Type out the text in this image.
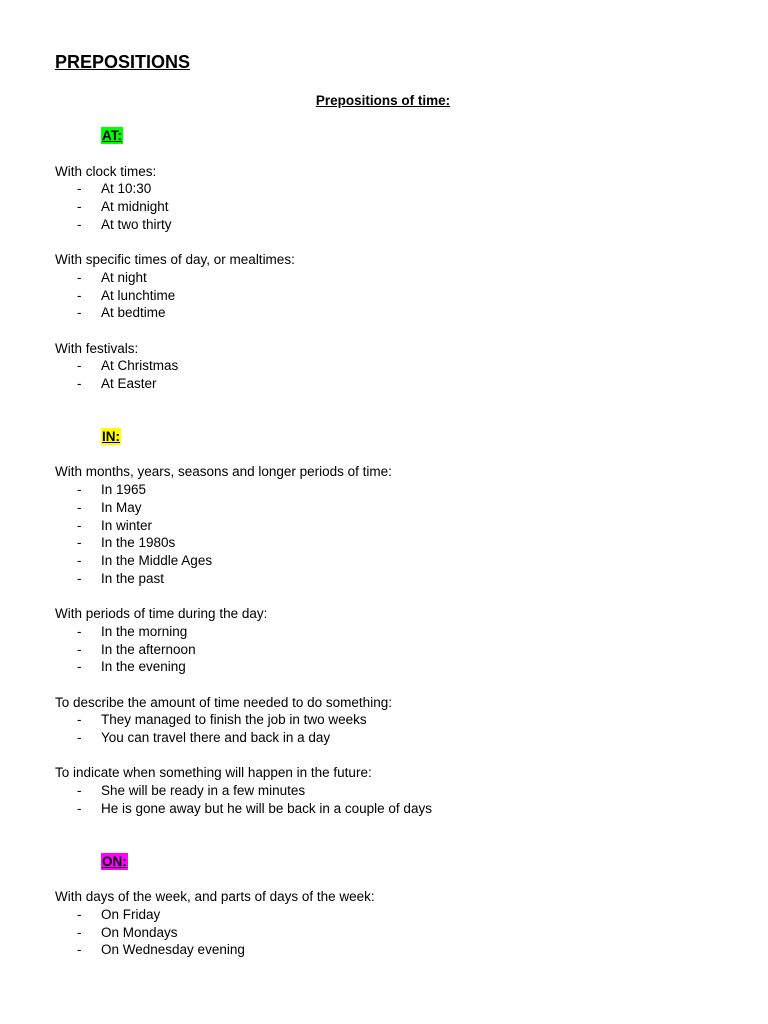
PREPOSITIONS
Prepositions of time:
AT:
With clock times:
- At 10:30
- At midnight
- At two thirty
With specific times of day, or mealtimes:
- At night
- At lunchtime
- At bedtime
With festivals:
- At Christmas
- At Easter
IN:
With months, years, seasons and longer periods of time:
- In 1965
- In May
- In winter
- In the 1980s
- In the Middle Ages
- In the past
With periods of time during the day:
- In the morning
- In the afternoon
- In the evening
To describe the amount of time needed to do something:
- They managed to finish the job in two weeks
- You can travel there and back in a day
To indicate when something will happen in the future:
- She will be ready in a few minutes
- He is gone away but he will be back in a couple of days
ON:
With days of the week, and parts of days of the week:
- On Friday
- On Mondays
- On Wednesday evening
